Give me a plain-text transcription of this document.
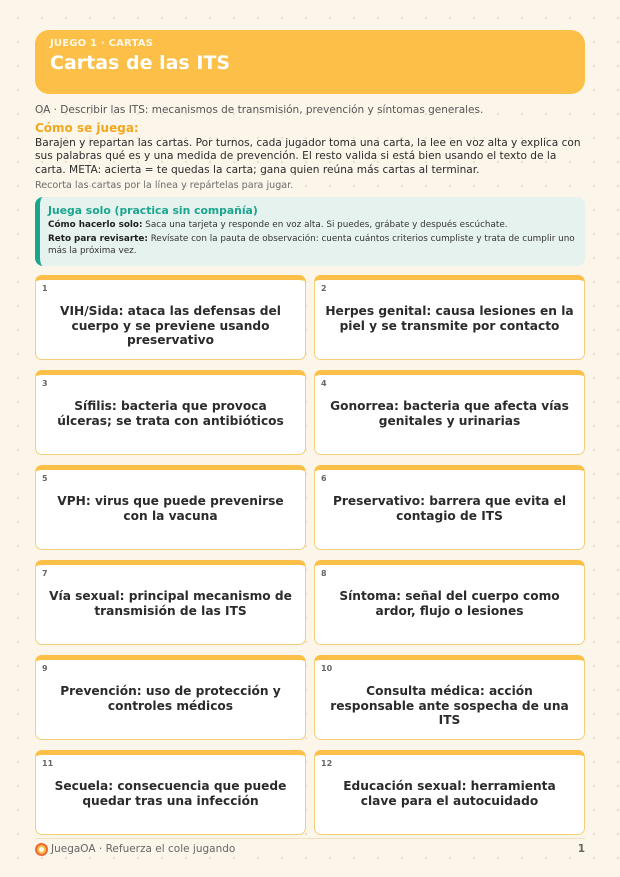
JUEGO 1 · CARTAS
Cartas de las ITS
OA · Describir las ITS: mecanismos de transmisión, prevención y síntomas generales.
Cómo se juega:
Barajen y repartan las cartas. Por turnos, cada jugador toma una carta, la lee en voz alta y explica con sus palabras qué es y una medida de prevención. El resto valida si está bien usando el texto de la carta. META: acierta = te quedas la carta; gana quien reúna más cartas al terminar.
Recorta las cartas por la línea y repártelas para jugar.
Juega solo (practica sin compañía)
Cómo hacerlo solo: Saca una tarjeta y responde en voz alta. Si puedes, grábate y después escúchate.
Reto para revisarte: Revísate con la pauta de observación: cuenta cuántos criterios cumpliste y trata de cumplir uno más la próxima vez.
1
VIH/Sida: ataca las defensas del cuerpo y se previene usando preservativo
2
Herpes genital: causa lesiones en la piel y se transmite por contacto
3
Sífilis: bacteria que provoca úlceras; se trata con antibióticos
4
Gonorrea: bacteria que afecta vías genitales y urinarias
5
VPH: virus que puede prevenirse con la vacuna
6
Preservativo: barrera que evita el contagio de ITS
7
Vía sexual: principal mecanismo de transmisión de las ITS
8
Síntoma: señal del cuerpo como ardor, flujo o lesiones
9
Prevención: uso de protección y controles médicos
10
Consulta médica: acción responsable ante sospecha de una ITS
11
Secuela: consecuencia que puede quedar tras una infección
12
Educación sexual: herramienta clave para el autocuidado
JuegaOA · Refuerza el cole jugando	1
